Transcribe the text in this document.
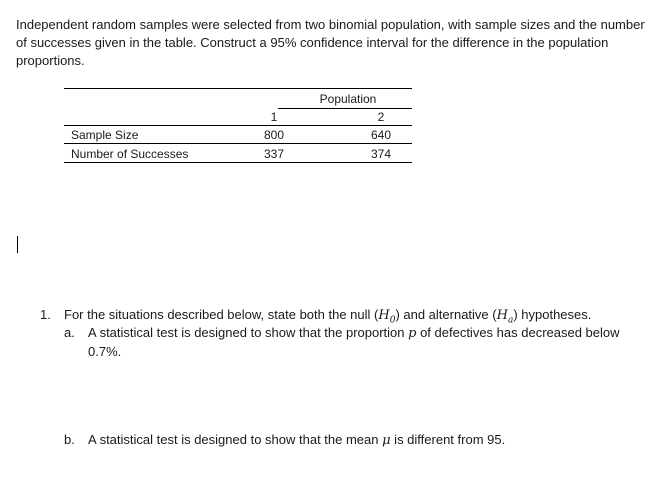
Independent random samples were selected from two binomial population, with sample sizes and the number of successes given in the table. Construct a 95% confidence interval for the difference in the population proportions.
Population
1	2
Sample Size	800	640
Number of Successes	337	374
1. For the situations described below, state both the null $(H_0)$ and alternative $(H_a)$ hypotheses.
a. A statistical test is designed to show that the proportion p of defectives has decreased below 0.7%.
b. A statistical test is designed to show that the mean μ is different from 95.
